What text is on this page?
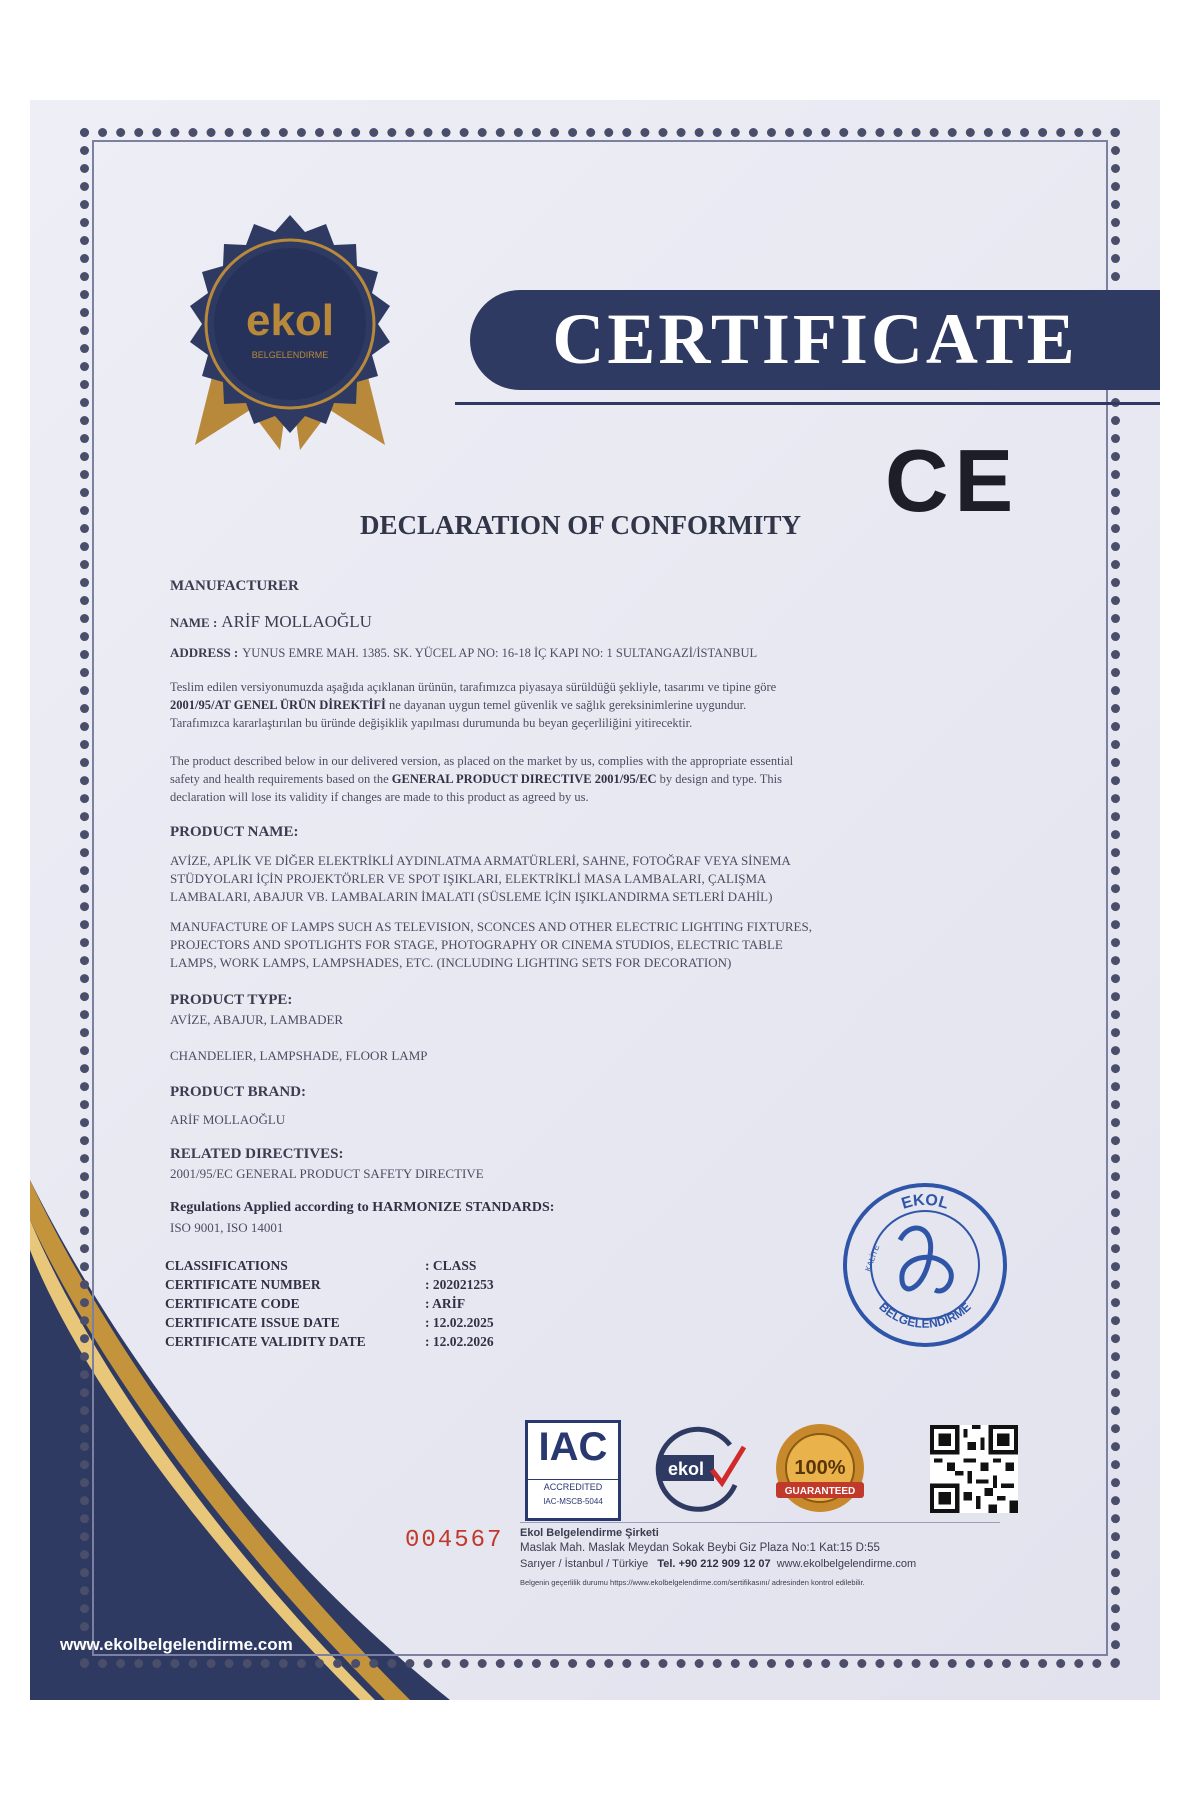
ekol
BELGELENDIRME	CERTIFICATE
CE
DECLARATION OF CONFORMITY
MANUFACTURER
NAME : ARİF MOLLAOĞLU
ADDRESS : YUNUS EMRE MAH. 1385. SK. YÜCEL AP NO: 16-18 İÇ KAPI NO: 1 SULTANGAZİ/İSTANBUL
Teslim edilen versiyonumuzda aşağıda açıklanan ürünün, tarafımızca piyasaya sürüldüğü şekliyle, tasarımı ve tipine göre
2001/95/AT GENEL ÜRÜN DİREKTİFİ ne dayanan uygun temel güvenlik ve sağlık gereksinimlerine uygundur.
Tarafımızca kararlaştırılan bu üründe değişiklik yapılması durumunda bu beyan geçerliliğini yitirecektir.
The product described below in our delivered version, as placed on the market by us, complies with the appropriate essential
safety and health requirements based on the GENERAL PRODUCT DIRECTIVE 2001/95/EC by design and type. This
declaration will lose its validity if changes are made to this product as agreed by us.
PRODUCT NAME:
AVİZE, APLİK VE DİĞER ELEKTRİKLİ AYDINLATMA ARMATÜRLERİ, SAHNE, FOTOĞRAF VEYA SİNEMA
STÜDYOLARI İÇİN PROJEKTÖRLER VE SPOT IŞIKLARI, ELEKTRİKLİ MASA LAMBALARI, ÇALIŞMA
LAMBALARI, ABAJUR VB. LAMBALARIN İMALATI (SÜSLEME İÇİN IŞIKLANDIRMA SETLERİ DAHİL)
MANUFACTURE OF LAMPS SUCH AS TELEVISION, SCONCES AND OTHER ELECTRIC LIGHTING FIXTURES,
PROJECTORS AND SPOTLIGHTS FOR STAGE, PHOTOGRAPHY OR CINEMA STUDIOS, ELECTRIC TABLE
LAMPS, WORK LAMPS, LAMPSHADES, ETC. (INCLUDING LIGHTING SETS FOR DECORATION)
PRODUCT TYPE:
AVİZE, ABAJUR, LAMBADER
CHANDELIER, LAMPSHADE, FLOOR LAMP
PRODUCT BRAND:
ARİF MOLLAOĞLU
RELATED DIRECTIVES:
2001/95/EC GENERAL PRODUCT SAFETY DIRECTIVE
Regulations Applied according to HARMONIZE STANDARDS:
ISO 9001, ISO 14001
CLASSIFICATIONS	: CLASS
CERTIFICATE NUMBER	: 202021253
CERTIFICATE CODE	: ARİF
CERTIFICATE ISSUE DATE	: 12.02.2025
CERTIFICATE VALIDITY DATE	: 12.02.2026
EKOL
BELGELENDİRME
KALİTE
IAC
ACCREDITED
IAC-MSCB-5044
ekol	100%
GUARANTEED
004567 Ekol Belgelendirme Şirketi
Maslak Mah. Maslak Meydan Sokak Beybi Giz Plaza No:1 Kat:15 D:55
Sarıyer / İstanbul / Türkiye Tel. +90 212 909 12 07 www.ekolbelgelendirme.com
Belgenin geçerlilik durumu https://www.ekolbelgelendirme.com/sertifikasını/ adresinden kontrol edilebilir.
www.ekolbelgelendirme.com
